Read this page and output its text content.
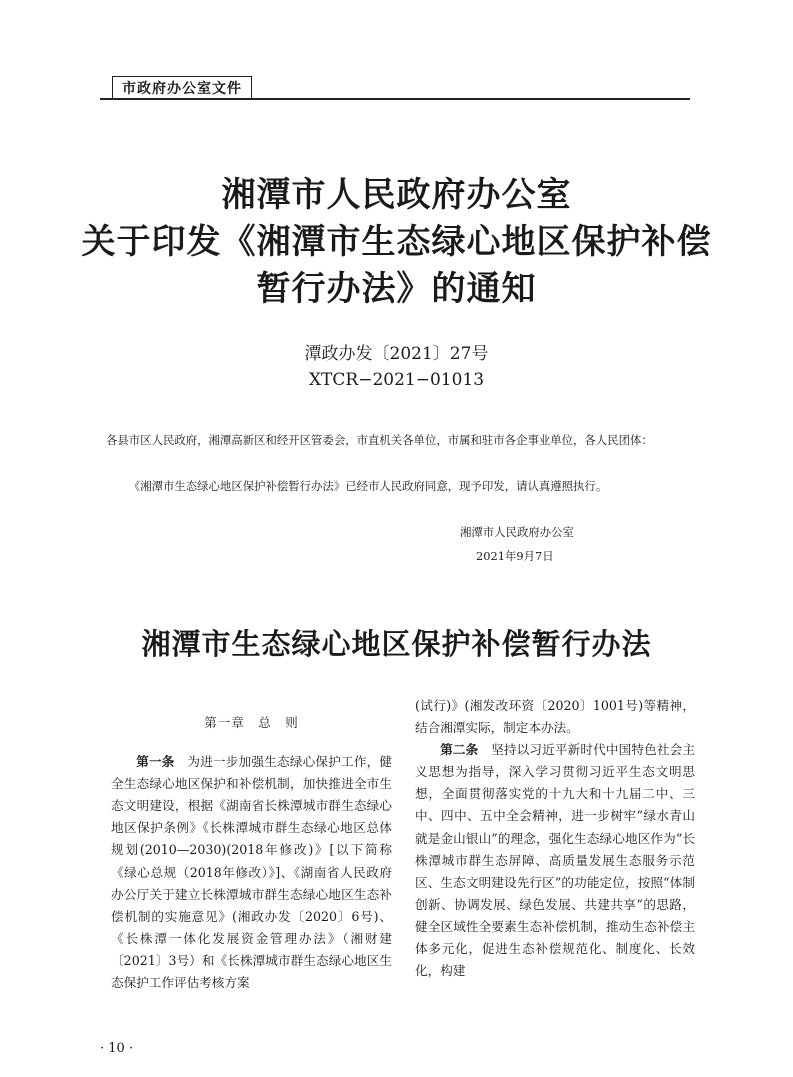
市政府办公室文件
湘潭市人民政府办公室
关于印发《湘潭市生态绿心地区保护补偿
暂行办法》的通知
潭政办发〔2021〕27号
XTCR−2021−01013
各县市区人民政府，湘潭高新区和经开区管委会，市直机关各单位，市属和驻市各企事业单位，各人民团体：
《湘潭市生态绿心地区保护补偿暂行办法》已经市人民政府同意，现予印发，请认真遵照执行。
湘潭市人民政府办公室
2021年9月7日
湘潭市生态绿心地区保护补偿暂行办法
第一章　总　则

第一条　 为进一步加强生态绿心保护工作，健全生态绿心地区保护和补偿机制，加快推进全市生态文明建设，根据《湖南省长株潭城市群生态绿心地区保护条例》《长株潭城市群生态绿心地区总体规划(2010—2030)(2018年修改)》[以下简称《绿心总规（2018年修改）》]、《湖南省人民政府办公厅关于建立长株潭城市群生态绿心地区生态补偿机制的实施意见》(湘政办发〔2020〕6号)、《长株潭一体化发展资金管理办法》（湘财建〔2021〕3号）和《长株潭城市群生态绿心地区生态保护工作评估考核方案

(试行)》(湘发改环资〔2020〕1001号)等精神，结合湘潭实际，制定本办法。

第二条　 坚持以习近平新时代中国特色社会主义思想为指导，深入学习贯彻习近平生态文明思想，全面贯彻落实党的十九大和十九届二中、三中、四中、五中全会精神，进一步树牢“绿水青山就是金山银山”的理念，强化生态绿心地区作为“长株潭城市群生态屏障、高质量发展生态服务示范区、生态文明建设先行区”的功能定位，按照“体制创新、协调发展、绿色发展、共建共享”的思路，健全区域性全要素生态补偿机制，推动生态补偿主体多元化，促进生态补偿规范化、制度化、长效化，构建

· 10 ·
